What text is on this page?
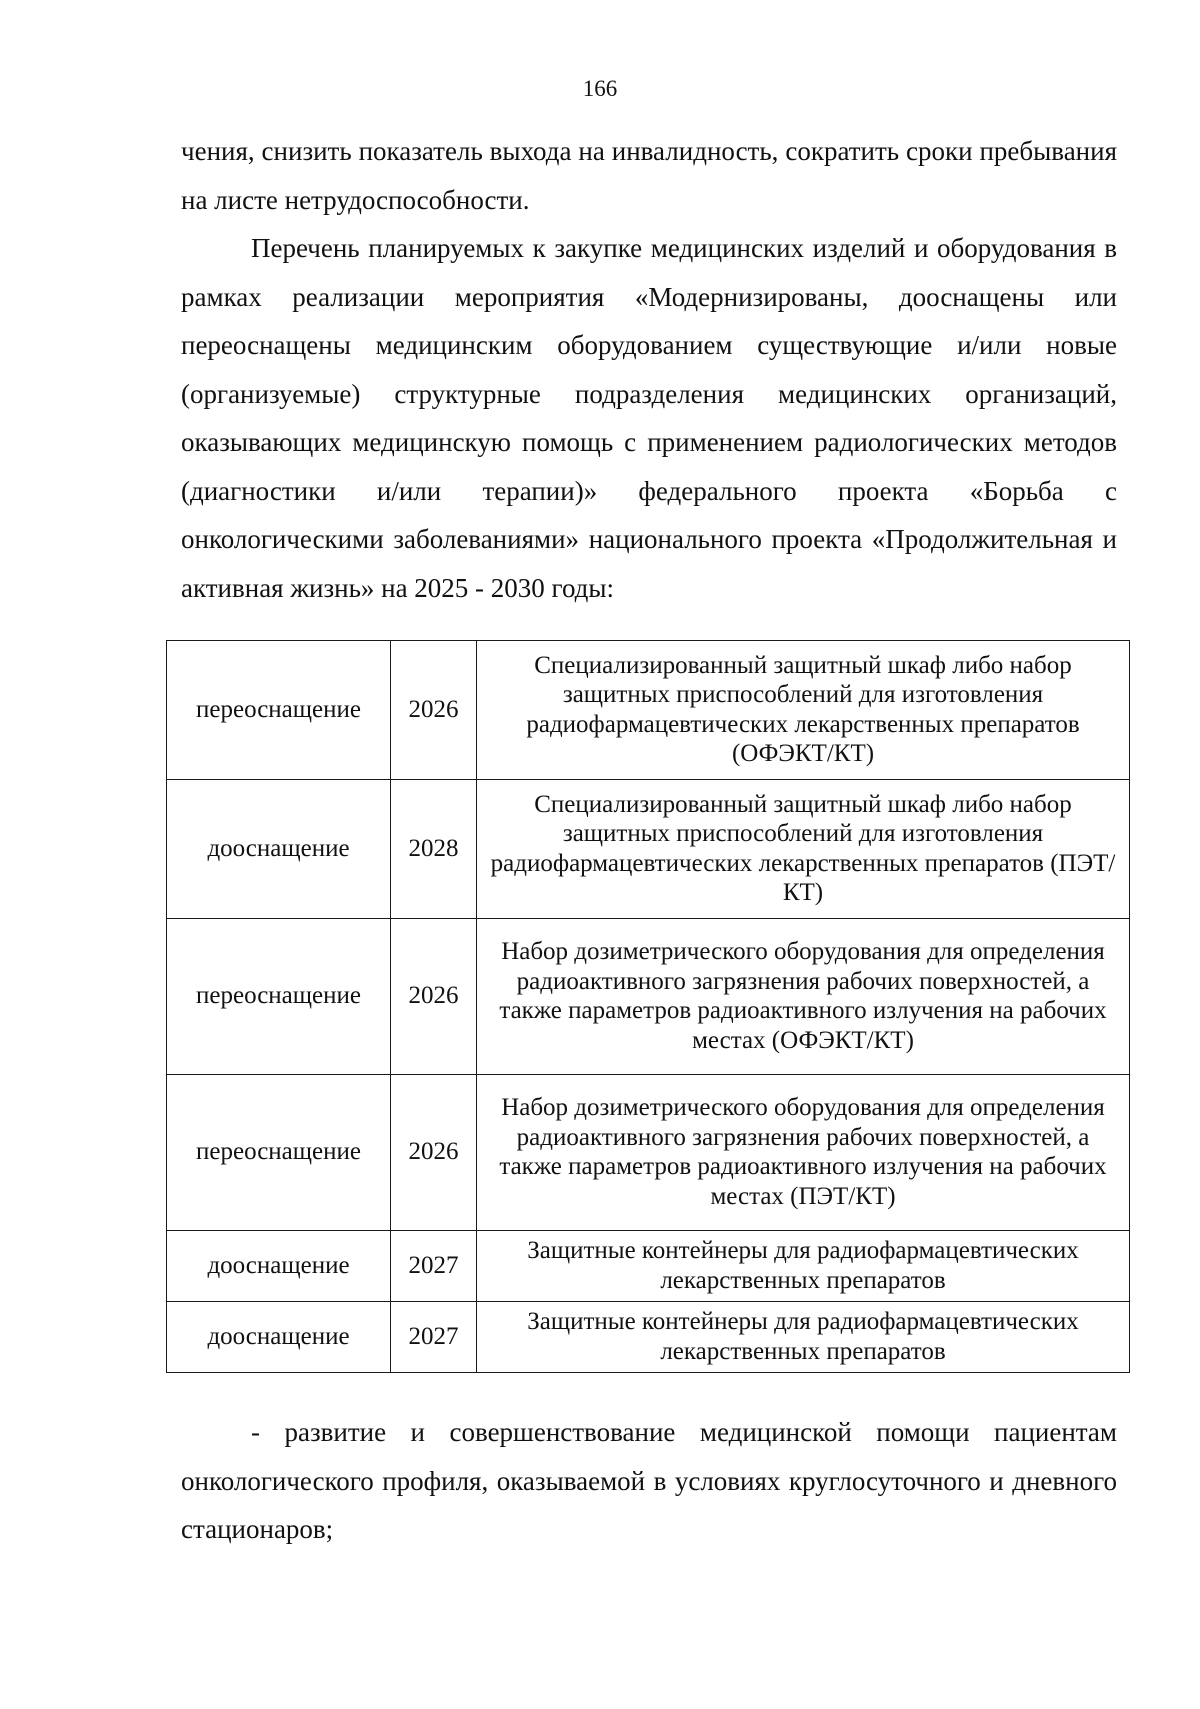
166
чения, снизить показатель выхода на инвалидность, сократить сроки пребывания на листе нетрудоспособности.
Перечень планируемых к закупке медицинских изделий и оборудования в рамках реализации мероприятия «Модернизированы, дооснащены или переоснащены медицинским оборудованием существующие и/или новые (организуемые) структурные подразделения медицинских организаций, оказывающих медицинскую помощь с применением радиологических методов (диагностики и/или терапии)» федерального проекта «Борьба с онкологическими заболеваниями» национального проекта «Продолжительная и активная жизнь» на 2025 - 2030 годы:
переоснащение	2026	Специализированный защитный шкаф либо набор защитных приспособлений для изготовления радиофармацевтических лекарственных препаратов (ОФЭКТ/КТ)
дооснащение	2028	Специализированный защитный шкаф либо набор защитных приспособлений для изготовления радиофармацевтических лекарственных препаратов (ПЭТ/КТ)
переоснащение	2026	Набор дозиметрического оборудования для определения радиоактивного загрязнения рабочих поверхностей, а также параметров радиоактивного излучения на рабочих местах (ОФЭКТ/КТ)
переоснащение	2026	Набор дозиметрического оборудования для определения радиоактивного загрязнения рабочих поверхностей, а также параметров радиоактивного излучения на рабочих местах (ПЭТ/КТ)
дооснащение	2027	Защитные контейнеры для радиофармацевтических лекарственных препаратов
дооснащение	2027	Защитные контейнеры для радиофармацевтических лекарственных препаратов
- развитие и совершенствование медицинской помощи пациентам онкологического профиля, оказываемой в условиях круглосуточного и дневного стационаров;
